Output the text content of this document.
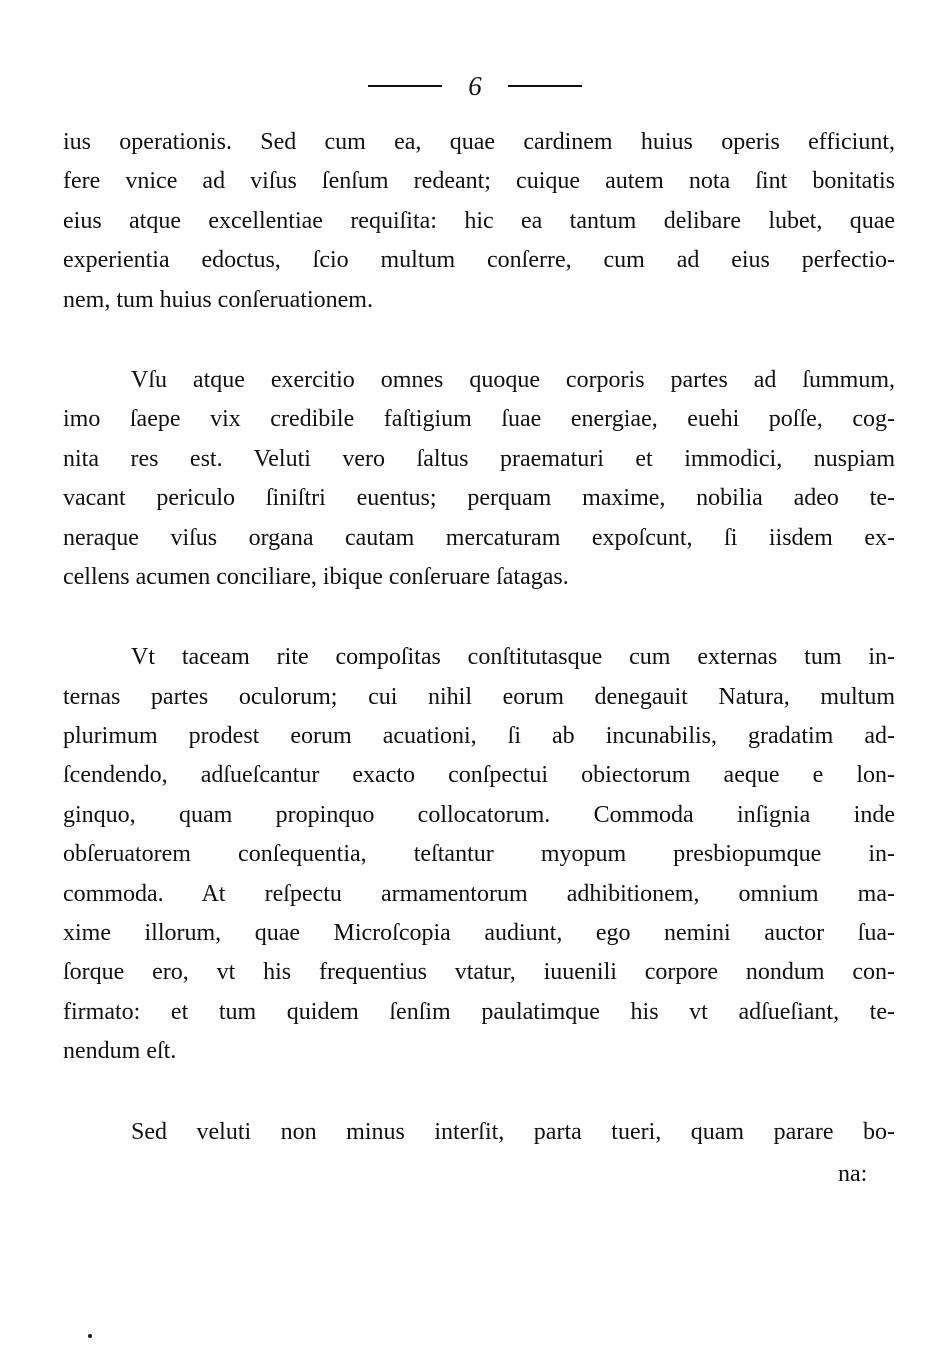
6
ius operationis. Sed cum ea, quae cardinem huius operis efficiunt,
fere vnice ad viſus ſenſum redeant; cuique autem nota ſint bonitatis
eius atque excellentiae requiſita: hic ea tantum delibare lubet, quae
experientia edoctus, ſcio multum conſerre, cum ad eius perfectio-
nem, tum huius conſeruationem.
Vſu atque exercitio omnes quoque corporis partes ad ſummum,
imo ſaepe vix credibile faſtigium ſuae energiae, euehi poſſe, cog-
nita res est. Veluti vero ſaltus praematuri et immodici, nuspiam
vacant periculo ſiniſtri euentus; perquam maxime, nobilia adeo te-
neraque viſus organa cautam mercaturam expoſcunt, ſi iisdem ex-
cellens acumen conciliare, ibique conſeruare ſatagas.
Vt taceam rite compoſitas conſtitutasque cum externas tum in-
ternas partes oculorum; cui nihil eorum denegauit Natura, multum
plurimum prodest eorum acuationi, ſi ab incunabilis, gradatim ad-
ſcendendo, adſueſcantur exacto conſpectui obiectorum aeque e lon-
ginquo, quam propinquo collocatorum. Commoda inſignia inde
obſeruatorem conſequentia, teſtantur myopum presbiopumque in-
commoda. At reſpectu armamentorum adhibitionem, omnium ma-
xime illorum, quae Microſcopia audiunt, ego nemini auctor ſua-
ſorque ero, vt his frequentius vtatur, iuuenili corpore nondum con-
firmato: et tum quidem ſenſim paulatimque his vt adſueſiant, te-
nendum eſt.
Sed veluti non minus interſit, parta tueri, quam parare bo-
na:
